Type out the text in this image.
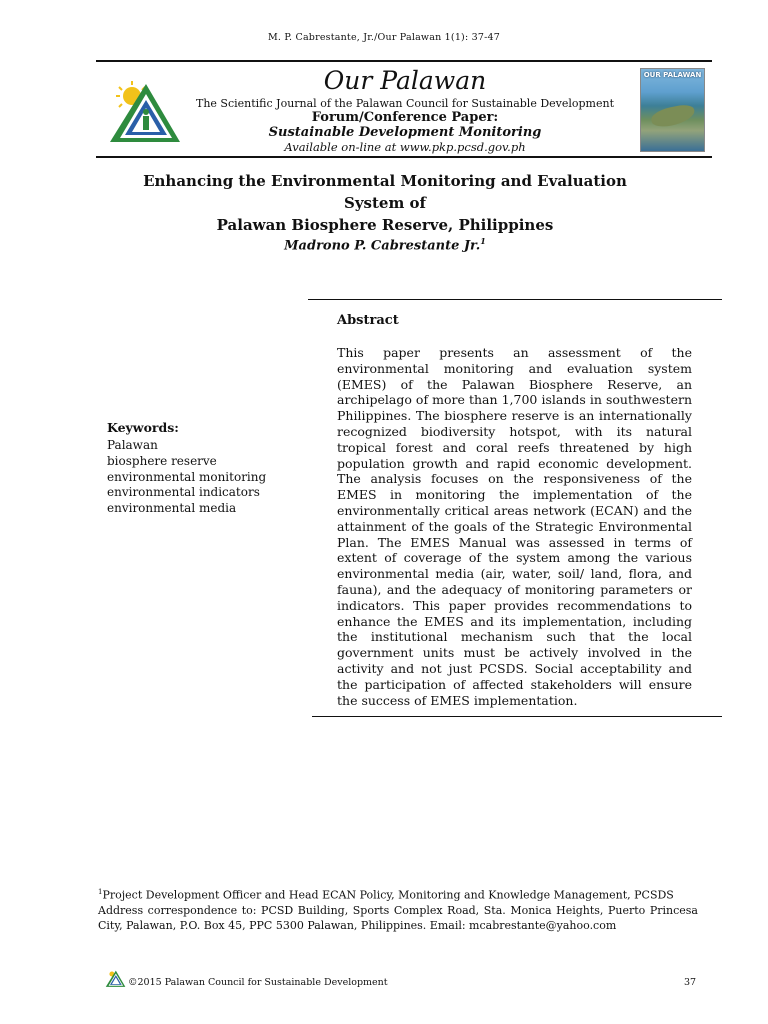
M. P. Cabrestante, Jr./Our Palawan 1(1): 37-47
Our Palawan
The Scientific Journal of the Palawan Council for Sustainable Development
Forum/Conference Paper:
Sustainable Development Monitoring
Available on-line at www.pkp.pcsd.gov.ph
OUR PALAWAN
Enhancing the Environmental Monitoring and Evaluation System of
Palawan Biosphere Reserve, Philippines
Madrono P. Cabrestante Jr.$^1$
Abstract
This paper presents an assessment of the environmental monitoring and evaluation system (EMES) of the Palawan Biosphere Reserve, an archipelago of more than 1,700 islands in southwestern Philippines. The biosphere reserve is an internationally recognized biodiversity hotspot, with its natural tropical forest and coral reefs threatened by high population growth and rapid economic development. The analysis focuses on the responsiveness of the EMES in monitoring the implementation of the environmentally critical areas network (ECAN) and the attainment of the goals of the Strategic Environmental Plan. The EMES Manual was assessed in terms of extent of coverage of the system among the various environmental media (air, water, soil/ land, flora, and fauna), and the adequacy of monitoring parameters or indicators. This paper provides recommendations to enhance the EMES and its implementation, including the institutional mechanism such that the local government units must be actively involved in the activity and not just PCSDS. Social acceptability and the participation of affected stakeholders will ensure the success of EMES implementation.
Keywords:
Palawan
biosphere reserve
environmental monitoring
environmental indicators
environmental media
$^1$Project Development Officer and Head ECAN Policy, Monitoring and Knowledge Management, PCSDS
Address correspondence to: PCSD Building, Sports Complex Road, Sta. Monica Heights, Puerto Princesa City, Palawan, P.O. Box 45, PPC 5300 Palawan, Philippines. Email: mcabrestante@yahoo.com
©2015 Palawan Council for Sustainable Development	37
